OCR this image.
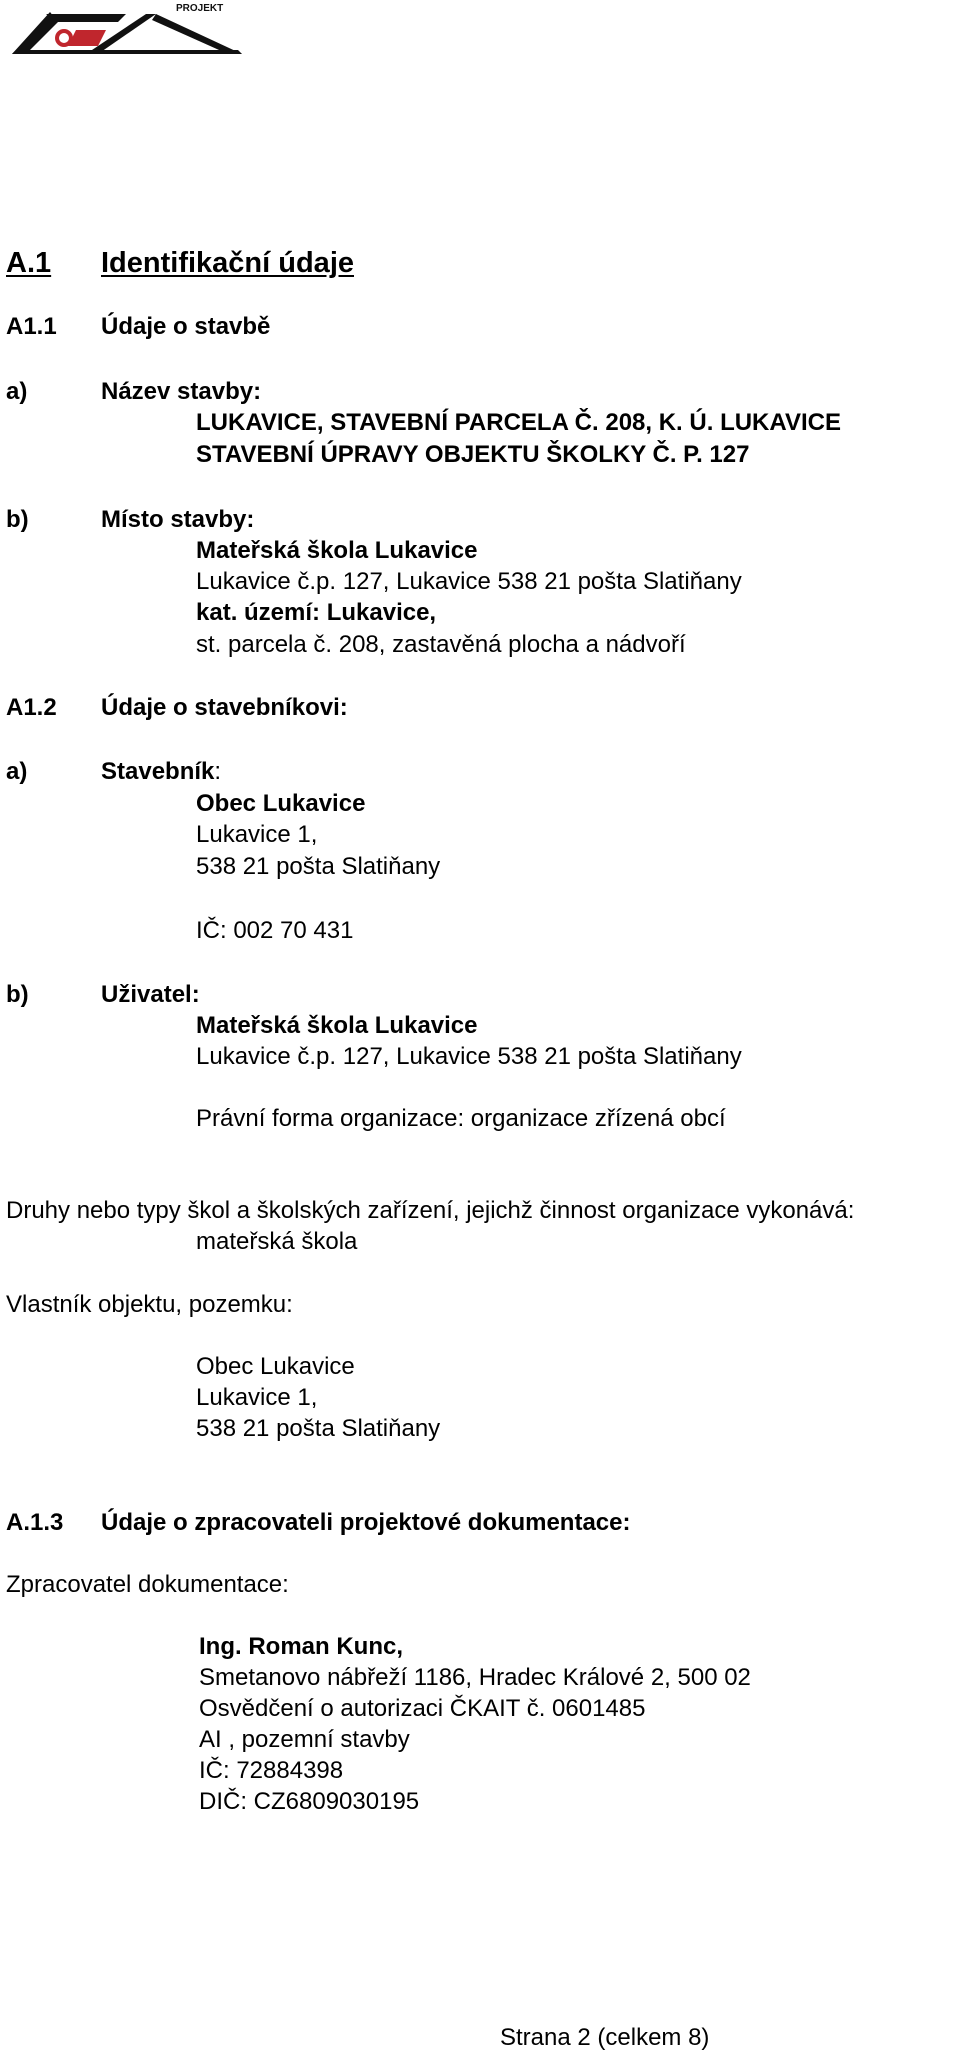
PROJEKT
A.1 Identifikační údaje
A1.1 Údaje o stavbě
a)	Název stavby:
LUKAVICE, STAVEBNÍ PARCELA Č. 208, K. Ú. LUKAVICE
STAVEBNÍ ÚPRAVY OBJEKTU ŠKOLKY Č. P. 127
b)	Místo stavby:
Mateřská škola Lukavice
Lukavice č.p. 127, Lukavice 538 21 pošta Slatiňany
kat. území: Lukavice,
st. parcela č. 208, zastavěná plocha a nádvoří
A1.2 Údaje o stavebníkovi:
a)	Stavebník:
Obec Lukavice
Lukavice 1,
538 21 pošta Slatiňany
IČ: 002 70 431
b)	Uživatel:
Mateřská škola Lukavice
Lukavice č.p. 127, Lukavice 538 21 pošta Slatiňany
Právní forma organizace: organizace zřízená obcí
Druhy nebo typy škol a školských zařízení, jejichž činnost organizace vykonává:
mateřská škola
Vlastník objektu, pozemku:
Obec Lukavice
Lukavice 1,
538 21 pošta Slatiňany
A.1.3 Údaje o zpracovateli projektové dokumentace:
Zpracovatel dokumentace:
Ing. Roman Kunc,
Smetanovo nábřeží 1186, Hradec Králové 2, 500 02
Osvědčení o autorizaci ČKAIT č. 0601485
AI , pozemní stavby
IČ: 72884398
DIČ: CZ6809030195
Strana 2 (celkem 8)
